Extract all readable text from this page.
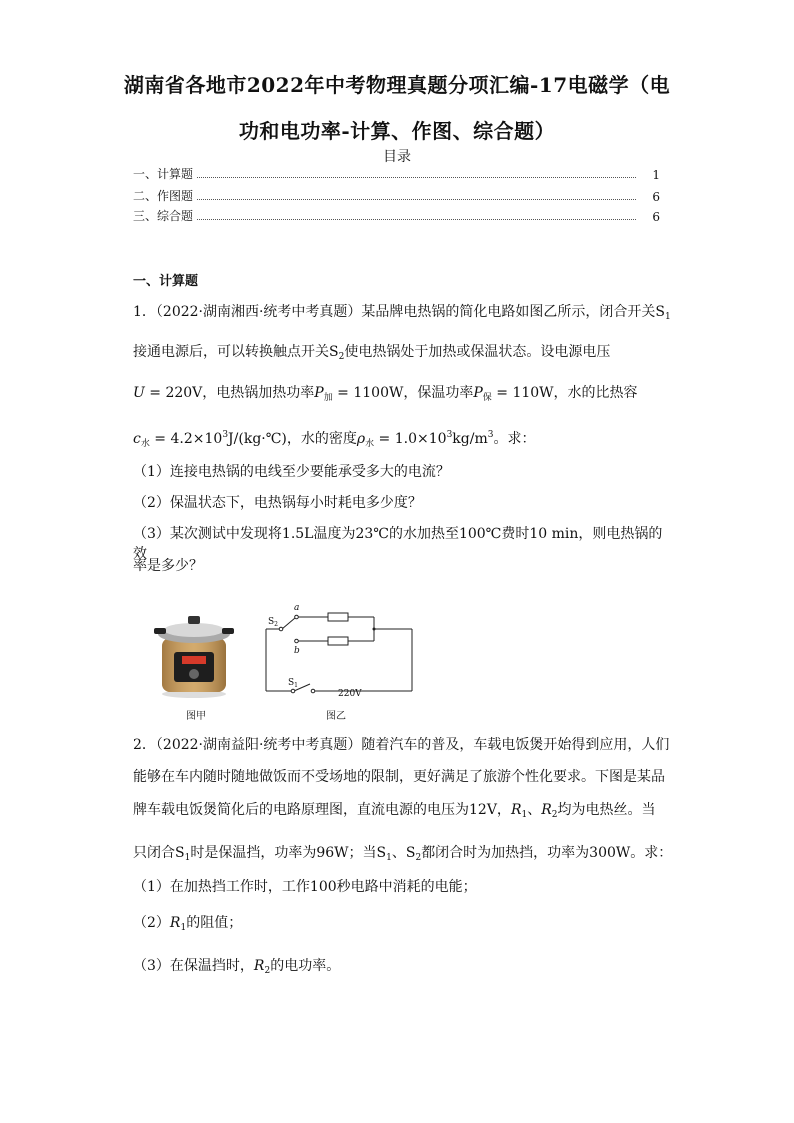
湖南省各地市2022年中考物理真题分项汇编-17电磁学（电
功和电功率-计算、作图、综合题）
目录
一、计算题	1
二、作图题	6
三、综合题	6
一、计算题
1．（2022·湖南湘西·统考中考真题）某品牌电热锅的简化电路如图乙所示，闭合开关$S_1$
接通电源后，可以转换触点开关$S_2$使电热锅处于加热或保温状态。设电源电压
U = 220V，电热锅加热功率$P_加 = 1100W$，保温功率$P_保 = 110W$，水的比热容
$c_水$ = $4.2\times 10^3J/(kg\cdot℃)$，水的密度$\rho_水 = 1.0\times 10^3kg/m^3$。求：
（1）连接电热锅的电线至少要能承受多大的电流？
（2）保温状态下，电热锅每小时耗电多少度？
（3）某次测试中发现将1.5L温度为23℃的水加热至100℃费时10 min，则电热锅的效
率是多少？
图甲
a
b
$S_2$
$S_1$
220V
图乙
2．（2022·湖南益阳·统考中考真题）随着汽车的普及，车载电饭煲开始得到应用，人们
能够在车内随时随地做饭而不受场地的限制，更好满足了旅游个性化要求。下图是某品
牌车载电饭煲简化后的电路原理图，直流电源的电压为12V，$R_1$、$R_2$均为电热丝。当
只闭合$S_1$时是保温挡，功率为96W；当$S_1$、$S_2$都闭合时为加热挡，功率为300W。求：
（1）在加热挡工作时，工作100秒电路中消耗的电能；
$(2)R_1$的阻值；
（3）在保温挡时，$R_2$的电功率。
